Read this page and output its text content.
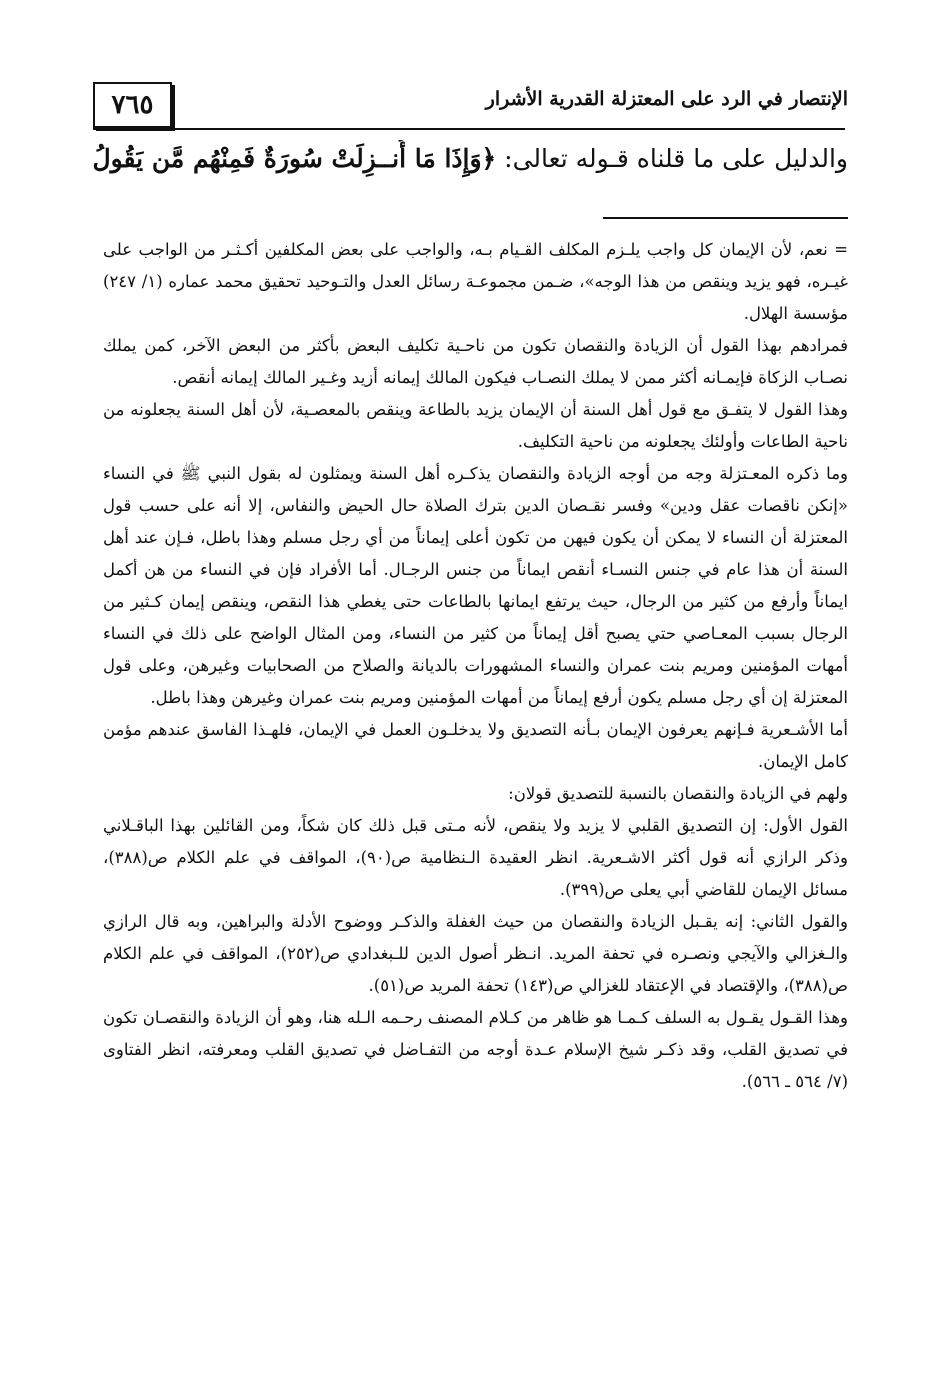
٧٦٥	الإنتصار في الرد على المعتزلة القدرية الأشرار
والدليل على ما قلناه قـوله تعالى: ﴿وَإِذَا مَا أُنــزِلَتْ سُورَةٌ فَمِنْهُم مَّن يَقُولُ

= نعم، لأن الإيمان كل واجب يلـزم المكلف القـيام بـه، والواجب على بعض المكلفين أكـثـر من الواجب على غيـره، فهو يزيد وينقص من هذا الوجه»، ضـمن مجموعـة رسائل العدل والتـوحيد تحقيق محمد عماره (١/ ٢٤٧) مؤسسة الهلال.

فمرادهم بهذا القول أن الزيادة والنقصان تكون من ناحـية تكليف البعض بأكثر من البعض الآخر، كمن يملك نصـاب الزكاة فإيمـانه أكثر ممن لا يملك النصـاب فيكون المالك إيمانه أزيد وغـير المالك إيمانه أنقص.

وهذا القول لا يتفـق مع قول أهل السنة أن الإيمان يزيد بالطاعة وينقص بالمعصـية، لأن أهل السنة يجعلونه من ناحية الطاعات وأولئك يجعلونه من ناحية التكليف.

وما ذكره المعـتزلة وجه من أوجه الزيادة والنقصان يذكـره أهل السنة ويمثلون له بقول النبي ﷺ في النساء «إنكن ناقصات عقل ودين» وفسر نقـصان الدين بترك الصلاة حال الحيض والنفاس، إلا أنه على حسب قول المعتزلة أن النساء لا يمكن أن يكون فيهن من تكون أعلى إيماناً من أي رجل مسلم وهذا باطل، فـإن عند أهل السنة أن هذا عام في جنس النسـاء أنقص ايماناً من جنس الرجـال. أما الأفراد فإن في النساء من هن أكمل ايماناً وأرفع من كثير من الرجال، حيث يرتفع ايمانها بالطاعات حتى يغطي هذا النقص، وينقص إيمان كـثير من الرجال بسبب المعـاصي حتي يصبح أقل إيماناً من كثير من النساء، ومن المثال الواضح على ذلك في النساء أمهات المؤمنين ومريم بنت عمران والنساء المشهورات بالديانة والصلاح من الصحابيات وغيرهن، وعلى قول المعتزلة إن أي رجل مسلم يكون أرفع إيماناً من أمهات المؤمنين ومريم بنت عمران وغيرهن وهذا باطل.

أما الأشـعرية فـإنهم يعرفون الإيمان بـأنه التصديق ولا يدخلـون العمل في الإيمان، فلهـذا الفاسق عندهم مؤمن كامل الإيمان.

ولهم في الزيادة والنقصان بالنسبة للتصديق قولان:

القول الأول: إن التصديق القلبي لا يزيد ولا ينقص، لأنه مـتى قبل ذلك كان شكاً، ومن القائلين بهذا الباقـلاني وذكر الرازي أنه قول أكثر الاشـعرية. انظر العقيدة الـنظامية ص(٩٠)، المواقف في علم الكلام ص(٣٨٨)، مسائل الإيمان للقاضي أبي يعلى ص(٣٩٩).

والقول الثاني: إنه يقـبل الزيادة والنقصان من حيث الغفلة والذكـر ووضوح الأدلة والبراهين، وبه قال الرازي والـغزالي والآيجي ونصـره في تحفة المريد. انـظر أصول الدين للـبغدادي ص(٢٥٢)، المواقف في علم الكلام ص(٣٨٨)، والإقتصاد في الإعتقاد للغزالي ص(١٤٣) تحفة المريد ص(٥١).

وهذا القـول يقـول به السلف كـمـا هو ظاهر من كـلام المصنف رحـمه الـله هنا، وهو أن الزيادة والنقصـان تكون في تصديق القلب، وقد ذكـر شيخ الإسلام عـدة أوجه من التفـاضل في تصديق القلب ومعرفته، انظر الفتاوى (٧/ ٥٦٤ ـ ٥٦٦).
